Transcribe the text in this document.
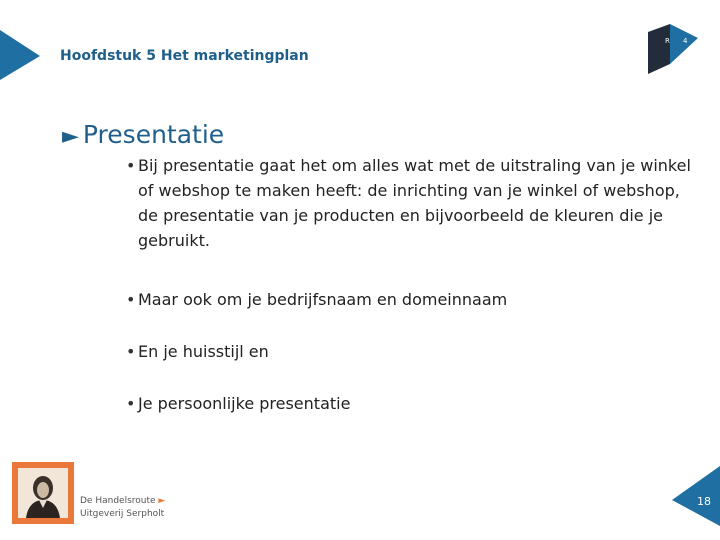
Hoofdstuk 5 Het marketingplan
R 4
► Presentatie
• Bij presentatie gaat het om alles wat met de uitstraling van je winkel of webshop te maken heeft: de inrichting van je winkel of webshop, de presentatie van je producten en bijvoorbeeld de kleuren die je gebruikt.
• Maar ook om je bedrijfsnaam en domeinnaam
• En je huisstijl en
• Je persoonlijke presentatie
De Handelsroute ►
Uitgeverij Serpholt
18
